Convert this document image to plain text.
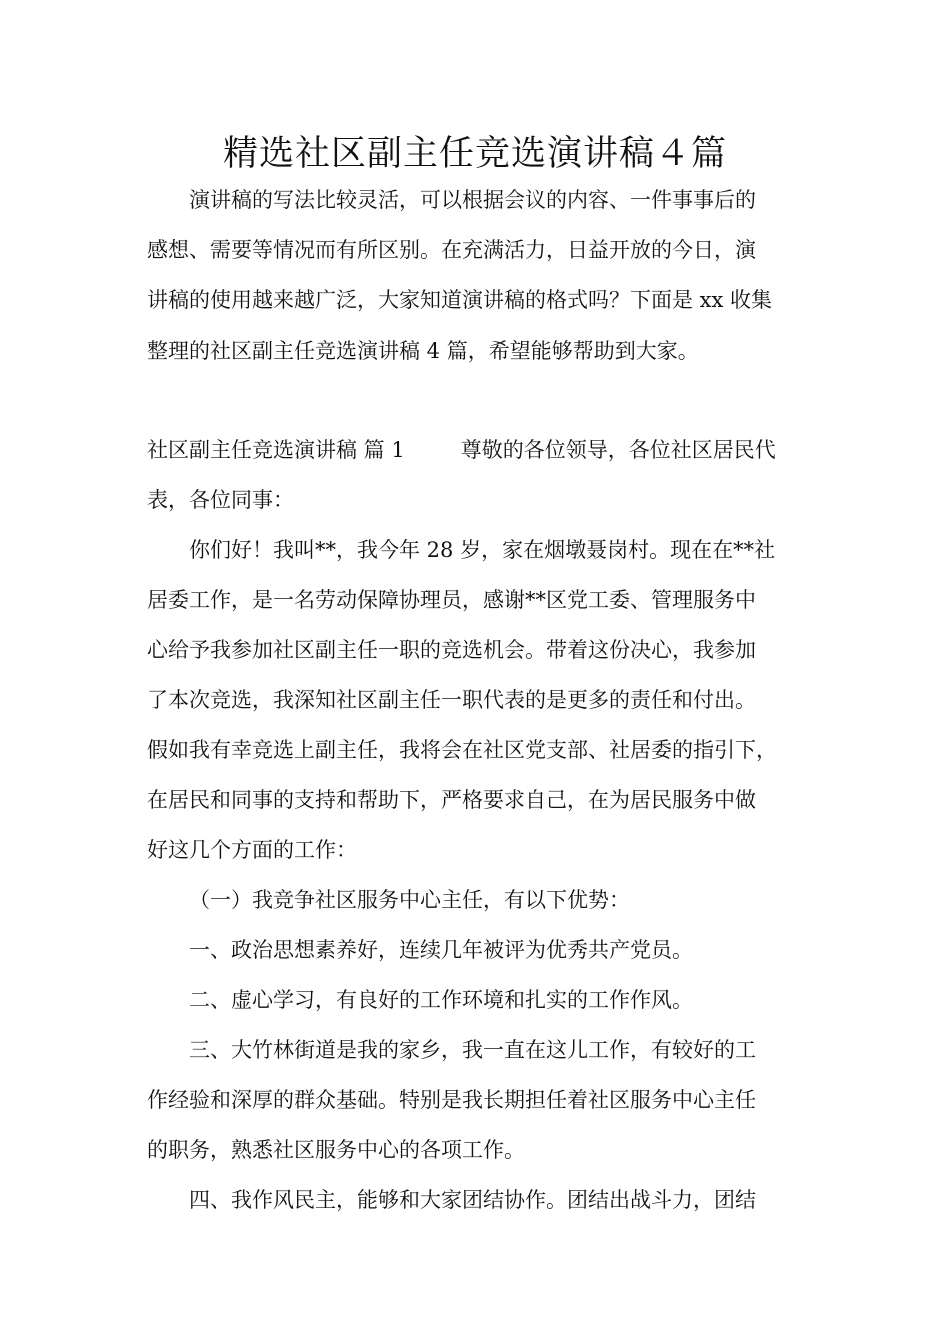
精选社区副主任竞选演讲稿４篇
演讲稿的写法比较灵活，可以根据会议的内容、一件事事后的
感想、需要等情况而有所区别。在充满活力，日益开放的今日，演
讲稿的使用越来越广泛，大家知道演讲稿的格式吗？下面是 xx 收集
整理的社区副主任竞选演讲稿 4 篇，希望能够帮助到大家。
社区副主任竞选演讲稿 篇 1	尊敬的各位领导，各位社区居民代
表，各位同事：
你们好！我叫**，我今年 28 岁，家在烟墩聂岗村。现在在**社
居委工作，是一名劳动保障协理员，感谢**区党工委、管理服务中
心给予我参加社区副主任一职的竞选机会。带着这份决心，我参加
了本次竞选，我深知社区副主任一职代表的是更多的责任和付出。
假如我有幸竞选上副主任，我将会在社区党支部、社居委的指引下，
在居民和同事的支持和帮助下，严格要求自己，在为居民服务中做
好这几个方面的工作：
（一）我竞争社区服务中心主任，有以下优势：
一、政治思想素养好，连续几年被评为优秀共产党员。
二、虚心学习，有良好的工作环境和扎实的工作作风。
三、大竹林街道是我的家乡，我一直在这儿工作，有较好的工
作经验和深厚的群众基础。特别是我长期担任着社区服务中心主任
的职务，熟悉社区服务中心的各项工作。
四、我作风民主，能够和大家团结协作。团结出战斗力，团结
